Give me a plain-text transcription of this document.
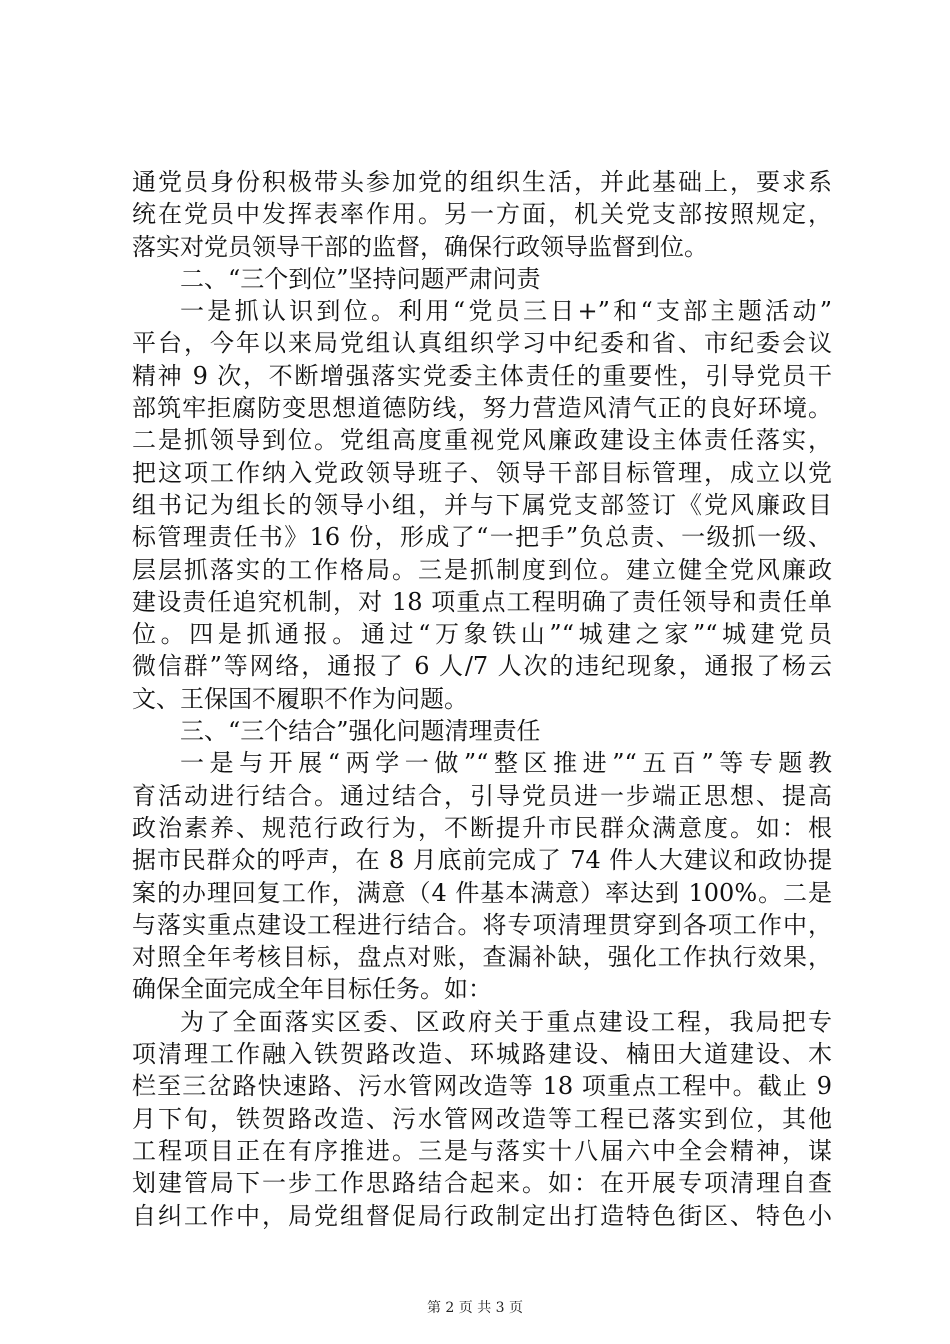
通党员身份积极带头参加党的组织生活，并此基础上，要求系
统在党员中发挥表率作用。另一方面，机关党支部按照规定，
落实对党员领导干部的监督，确保行政领导监督到位。
二、“三个到位”坚持问题严肃问责
一是抓认识到位。利用“党员三日+”和“支部主题活动”
平台，今年以来局党组认真组织学习中纪委和省、市纪委会议
精神 9 次，不断增强落实党委主体责任的重要性，引导党员干
部筑牢拒腐防变思想道德防线，努力营造风清气正的良好环境。
二是抓领导到位。党组高度重视党风廉政建设主体责任落实，
把这项工作纳入党政领导班子、领导干部目标管理，成立以党
组书记为组长的领导小组，并与下属党支部签订《党风廉政目
标管理责任书》16 份，形成了“一把手”负总责、一级抓一级、
层层抓落实的工作格局。三是抓制度到位。建立健全党风廉政
建设责任追究机制，对 18 项重点工程明确了责任领导和责任单
位。四是抓通报。通过“万象铁山”“城建之家”“城建党员
微信群”等网络，通报了 6 人/7 人次的违纪现象，通报了杨云
文、王保国不履职不作为问题。
三、“三个结合”强化问题清理责任
一是与开展“两学一做”“整区推进”“五百”等专题教
育活动进行结合。通过结合，引导党员进一步端正思想、提高
政治素养、规范行政行为，不断提升市民群众满意度。如：根
据市民群众的呼声，在 8 月底前完成了 74 件人大建议和政协提
案的办理回复工作，满意（4 件基本满意）率达到 100%。二是
与落实重点建设工程进行结合。将专项清理贯穿到各项工作中，
对照全年考核目标，盘点对账，查漏补缺，强化工作执行效果，
确保全面完成全年目标任务。如：
为了全面落实区委、区政府关于重点建设工程，我局把专
项清理工作融入铁贺路改造、环城路建设、楠田大道建设、木
栏至三岔路快速路、污水管网改造等 18 项重点工程中。截止 9
月下旬，铁贺路改造、污水管网改造等工程已落实到位，其他
工程项目正在有序推进。三是与落实十八届六中全会精神，谋
划建管局下一步工作思路结合起来。如：在开展专项清理自查
自纠工作中，局党组督促局行政制定出打造特色街区、特色小
第 2 页 共 3 页
